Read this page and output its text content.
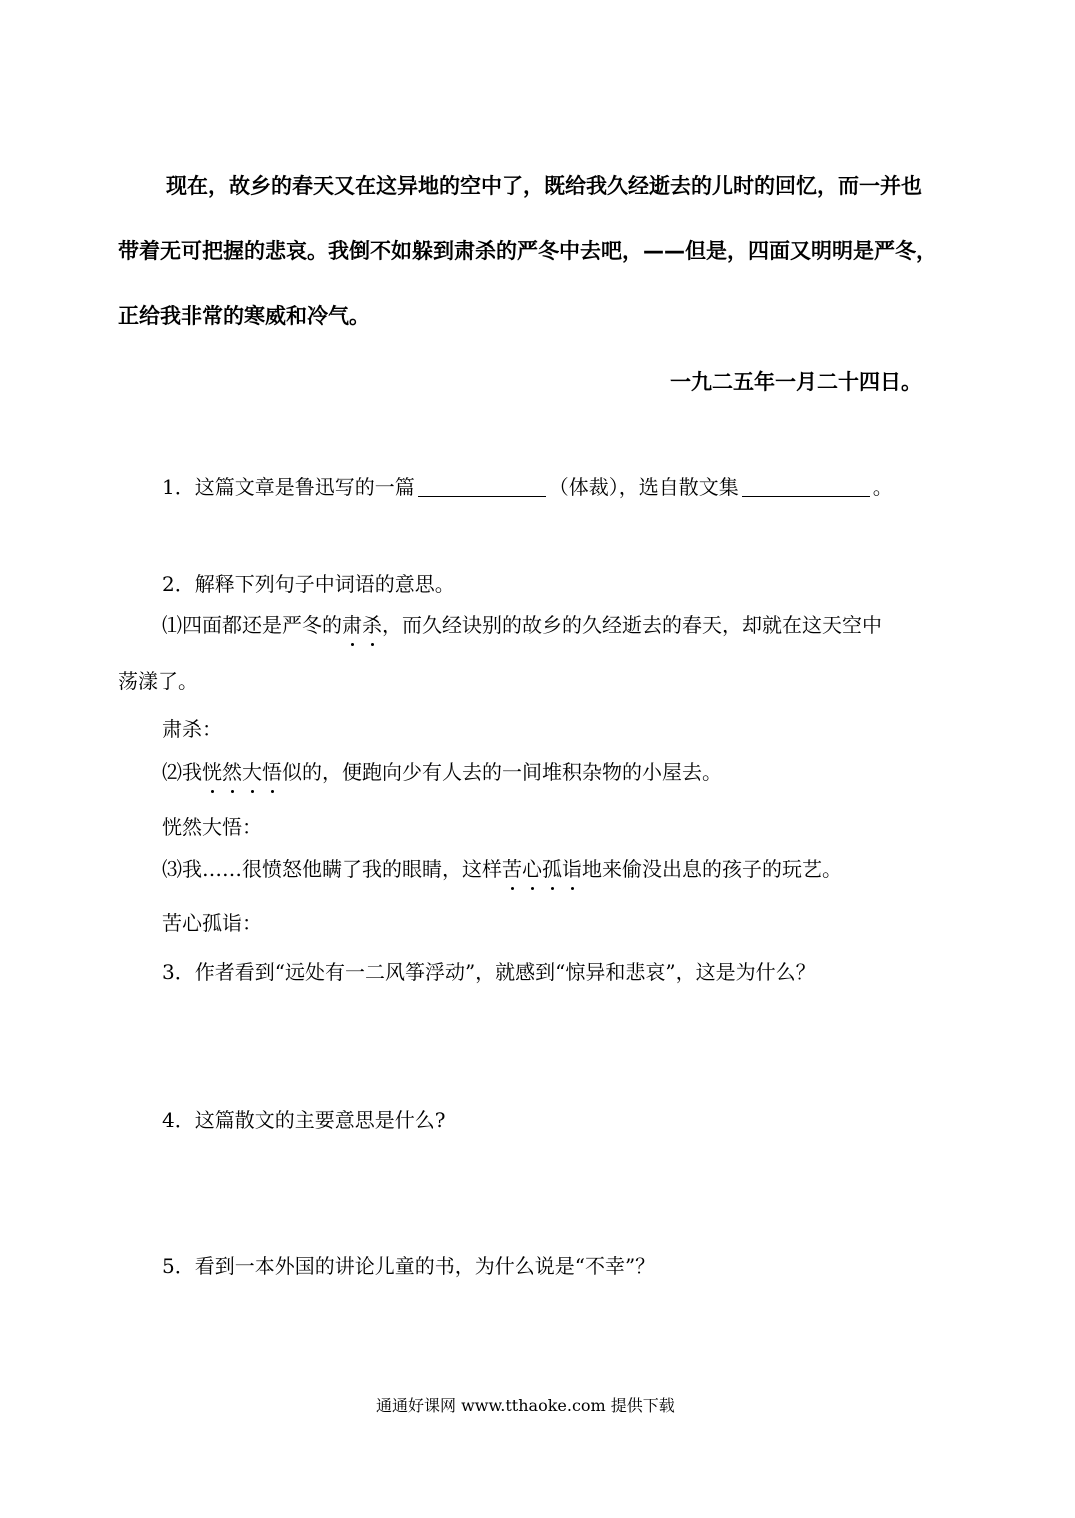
现在，故乡的春天又在这异地的空中了，既给我久经逝去的儿时的回忆，而一并也
带着无可把握的悲哀。我倒不如躲到肃杀的严冬中去吧，——但是，四面又明明是严冬，
正给我非常的寒威和冷气。
一九二五年一月二十四日。
1．这篇文章是鲁迅写的一篇	（体裁），选自散文集	。
2．解释下列句子中词语的意思。
⑴四面都还是严冬的肃杀，而久经诀别的故乡的久经逝去的春天，却就在这天空中
荡漾了。
肃杀：
⑵我恍然大悟似的，便跑向少有人去的一间堆积杂物的小屋去。
恍然大悟：
⑶我……很愤怒他瞒了我的眼睛，这样苦心孤诣地来偷没出息的孩子的玩艺。
苦心孤诣：
3．作者看到“远处有一二风筝浮动”，就感到“惊异和悲哀”，这是为什么？
4．这篇散文的主要意思是什么?
5．看到一本外国的讲论儿童的书，为什么说是“不幸”？
通通好课网 www.tthaoke.com 提供下载
